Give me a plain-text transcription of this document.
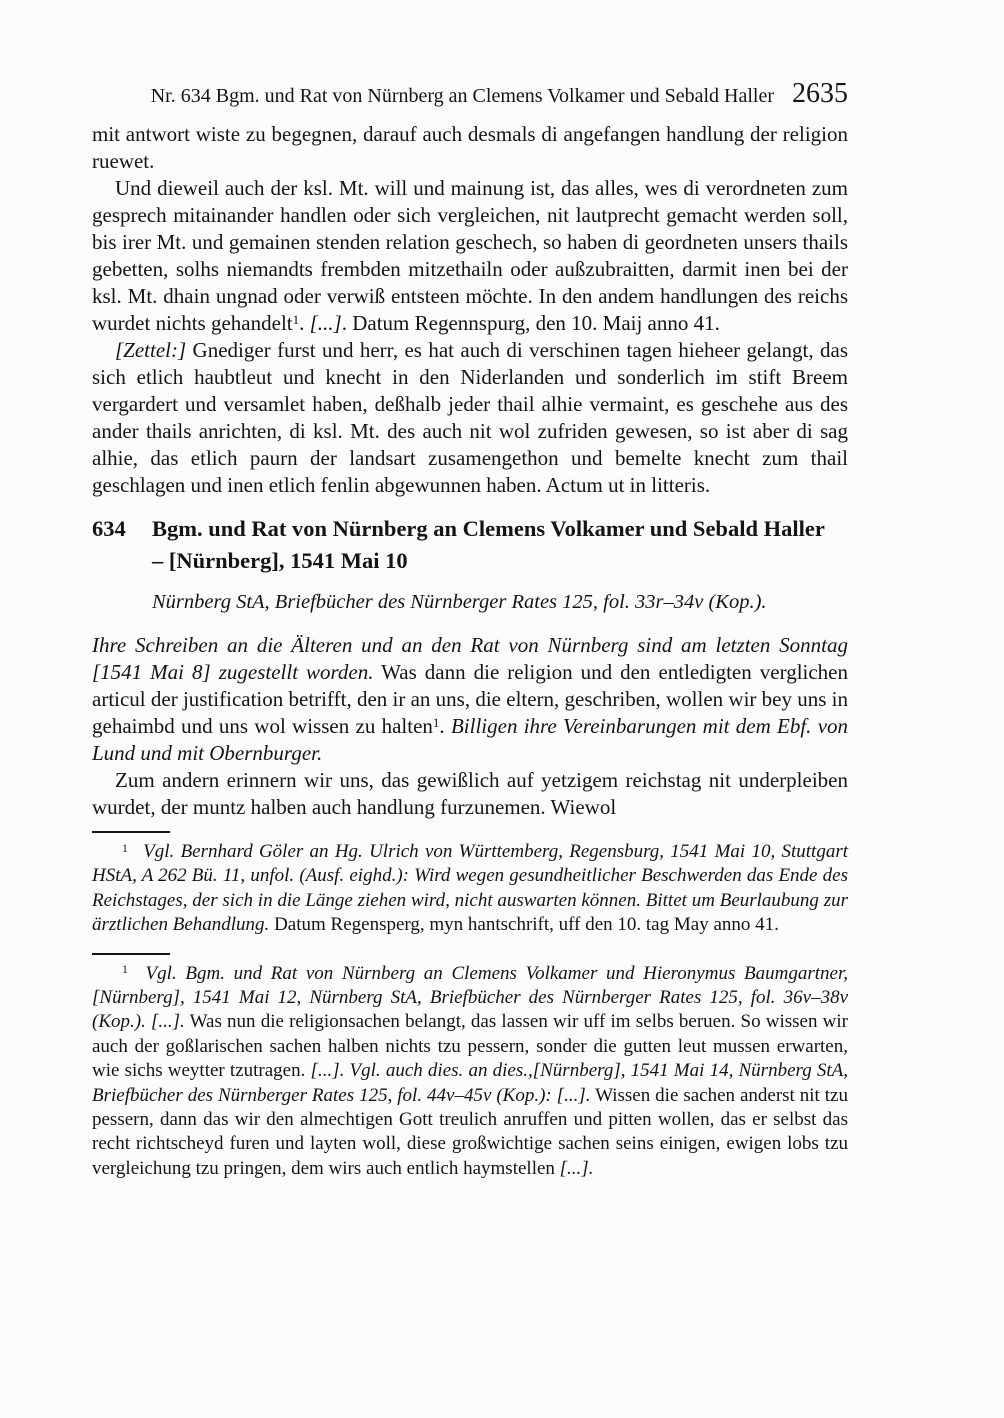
Nr. 634 Bgm. und Rat von Nürnberg an Clemens Volkamer und Sebald Haller 2635

mit antwort wiste zu begegnen, darauf auch desmals di angefangen handlung der religion ruewet.

Und dieweil auch der ksl. Mt. will und mainung ist, das alles, wes di verordneten zum gesprech mitainander handlen oder sich vergleichen, nit lautprecht gemacht werden soll, bis irer Mt. und gemainen stenden relation geschech, so haben di geordneten unsers thails gebetten, solhs niemandts frembden mitzethailn oder außzubraitten, darmit inen bei der ksl. Mt. dhain ungnad oder verwiß entsteen möchte. In den andem handlungen des reichs wurdet nichts gehandelt$^1$. [...]. Datum Regennspurg, den 10. Maij anno 41.

[Zettel:] Gnediger furst und herr, es hat auch di verschinen tagen hieheer gelangt, das sich etlich haubtleut und knecht in den Niderlanden und sonderlich im stift Breem vergardert und versamlet haben, deßhalb jeder thail alhie vermaint, es geschehe aus des ander thails anrichten, di ksl. Mt. des auch nit wol zufriden gewesen, so ist aber di sag alhie, das etlich paurn der landsart zusamengethon und bemelte knecht zum thail geschlagen und inen etlich fenlin abgewunnen haben. Actum ut in litteris.

634	Bgm. und Rat von Nürnberg an Clemens Volkamer und Sebald Haller
– [Nürnberg], 1541 Mai 10

Nürnberg StA, Briefbücher des Nürnberger Rates 125, fol. 33r–34v (Kop.).

Ihre Schreiben an die Älteren und an den Rat von Nürnberg sind am letzten Sonntag [1541 Mai 8] zugestellt worden. Was dann die religion und den entledigten verglichen articul der justification betrifft, den ir an uns, die eltern, geschriben, wollen wir bey uns in gehaimbd und uns wol wissen zu halten$^1$. Billigen ihre Vereinbarungen mit dem Ebf. von Lund und mit Obernburger.

Zum andern erinnern wir uns, das gewißlich auf yetzigem reichstag nit underpleiben wurdet, der muntz halben auch handlung furzunemen. Wiewol

$^1$ Vgl. Bernhard Göler an Hg. Ulrich von Württemberg, Regensburg, 1541 Mai 10, Stuttgart HStA, A 262 Bü. 11, unfol. (Ausf. eighd.): Wird wegen gesundheitlicher Beschwerden das Ende des Reichstages, der sich in die Länge ziehen wird, nicht auswarten können. Bittet um Beurlaubung zur ärztlichen Behandlung. Datum Regensperg, myn hantschrift, uff den 10. tag May anno 41.

$^1$ Vgl. Bgm. und Rat von Nürnberg an Clemens Volkamer und Hieronymus Baumgartner, [Nürnberg], 1541 Mai 12, Nürnberg StA, Briefbücher des Nürnberger Rates 125, fol. 36v–38v (Kop.). [...]. Was nun die religionsachen belangt, das lassen wir uff im selbs beruen. So wissen wir auch der goßlarischen sachen halben nichts tzu pessern, sonder die gutten leut mussen erwarten, wie sichs weytter tzutragen. [...]. Vgl. auch dies. an dies.,[Nürnberg], 1541 Mai 14, Nürnberg StA, Briefbücher des Nürnberger Rates 125, fol. 44v–45v (Kop.): [...]. Wissen die sachen anderst nit tzu pessern, dann das wir den almechtigen Gott treulich anruffen und pitten wollen, das er selbst das recht richtscheyd furen und layten woll, diese großwichtige sachen seins einigen, ewigen lobs tzu vergleichung tzu pringen, dem wirs auch entlich haymstellen [...].
